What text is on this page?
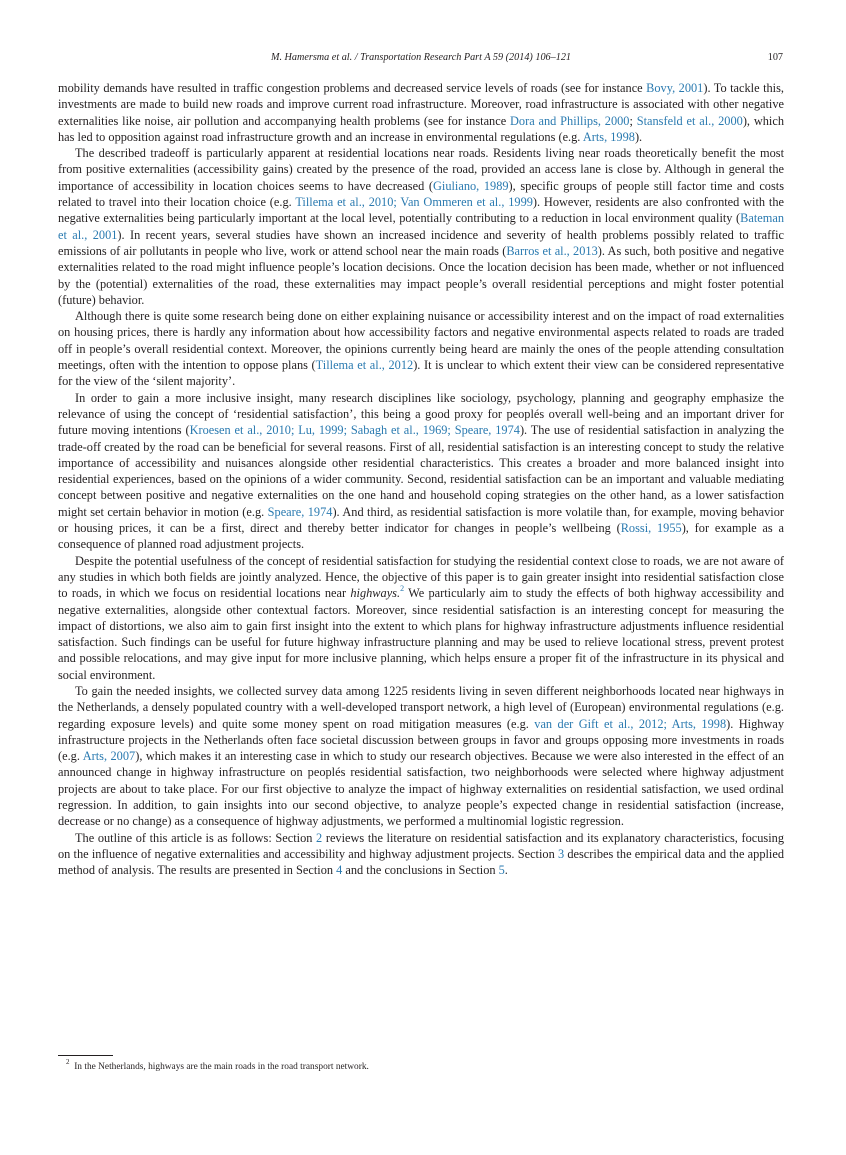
M. Hamersma et al. / Transportation Research Part A 59 (2014) 106–121	107

mobility demands have resulted in traffic congestion problems and decreased service levels of roads (see for instance Bovy, 2001). To tackle this, investments are made to build new roads and improve current road infrastructure. Moreover, road infrastructure is associated with other negative externalities like noise, air pollution and accompanying health problems (see for instance Dora and Phillips, 2000; Stansfeld et al., 2000), which has led to opposition against road infrastructure growth and an increase in environmental regulations (e.g. Arts, 1998).

The described tradeoff is particularly apparent at residential locations near roads. Residents living near roads theoretically benefit the most from positive externalities (accessibility gains) created by the presence of the road, provided an access lane is close by. Although in general the importance of accessibility in location choices seems to have decreased (Giuliano, 1989), specific groups of people still factor time and costs related to travel into their location choice (e.g. Tillema et al., 2010; Van Ommeren et al., 1999). However, residents are also confronted with the negative externalities being particularly important at the local level, potentially contributing to a reduction in local environment quality (Bateman et al., 2001). In recent years, several studies have shown an increased incidence and severity of health problems possibly related to traffic emissions of air pollutants in people who live, work or attend school near the main roads (Barros et al., 2013). As such, both positive and negative externalities related to the road might influence people’s location decisions. Once the location decision has been made, whether or not influenced by the (potential) externalities of the road, these externalities may impact people’s overall residential perceptions and might foster potential (future) behavior.

Although there is quite some research being done on either explaining nuisance or accessibility interest and on the impact of road externalities on housing prices, there is hardly any information about how accessibility factors and negative environmental aspects related to roads are traded off in people’s overall residential context. Moreover, the opinions currently being heard are mainly the ones of the people attending consultation meetings, often with the intention to oppose plans (Tillema et al., 2012). It is unclear to which extent their view can be considered representative for the view of the ‘silent majority’.

In order to gain a more inclusive insight, many research disciplines like sociology, psychology, planning and geography emphasize the relevance of using the concept of ‘residential satisfaction’, this being a good proxy for peoplés overall well-being and an important driver for future moving intentions (Kroesen et al., 2010; Lu, 1999; Sabagh et al., 1969; Speare, 1974). The use of residential satisfaction in analyzing the trade-off created by the road can be beneficial for several reasons. First of all, residential satisfaction is an interesting concept to study the relative importance of accessibility and nuisances alongside other residential characteristics. This creates a broader and more balanced insight into residential experiences, based on the opinions of a wider community. Second, residential satisfaction can be an important and valuable mediating concept between positive and negative externalities on the one hand and household coping strategies on the other hand, as a lower satisfaction might set certain behavior in motion (e.g. Speare, 1974). And third, as residential satisfaction is more volatile than, for example, moving behavior or housing prices, it can be a first, direct and thereby better indicator for changes in people’s wellbeing (Rossi, 1955), for example as a consequence of planned road adjustment projects.

Despite the potential usefulness of the concept of residential satisfaction for studying the residential context close to roads, we are not aware of any studies in which both fields are jointly analyzed. Hence, the objective of this paper is to gain greater insight into residential satisfaction close to roads, in which we focus on residential locations near highways.$^2$ We particularly aim to study the effects of both highway accessibility and negative externalities, alongside other contextual factors. Moreover, since residential satisfaction is an interesting concept for measuring the impact of distortions, we also aim to gain first insight into the extent to which plans for highway infrastructure adjustments influence residential satisfaction. Such findings can be useful for future highway infrastructure planning and may be used to relieve locational stress, prevent protest and possible relocations, and may give input for more inclusive planning, which helps ensure a proper fit of the infrastructure in its physical and social environment.

To gain the needed insights, we collected survey data among 1225 residents living in seven different neighborhoods located near highways in the Netherlands, a densely populated country with a well-developed transport network, a high level of (European) environmental regulations (e.g. regarding exposure levels) and quite some money spent on road mitigation measures (e.g. van der Gift et al., 2012; Arts, 1998). Highway infrastructure projects in the Netherlands often face societal discussion between groups in favor and groups opposing more investments in roads (e.g. Arts, 2007), which makes it an interesting case in which to study our research objectives. Because we were also interested in the effect of an announced change in highway infrastructure on peoplés residential satisfaction, two neighborhoods were selected where highway adjustment projects are about to take place. For our first objective to analyze the impact of highway externalities on residential satisfaction, we used ordinal regression. In addition, to gain insights into our second objective, to analyze people’s expected change in residential satisfaction (increase, decrease or no change) as a consequence of highway adjustments, we performed a multinomial logistic regression.

The outline of this article is as follows: Section 2 reviews the literature on residential satisfaction and its explanatory characteristics, focusing on the influence of negative externalities and accessibility and highway adjustment projects. Section 3 describes the empirical data and the applied method of analysis. The results are presented in Section 4 and the conclusions in Section 5.

$^2$  In the Netherlands, highways are the main roads in the road transport network.
